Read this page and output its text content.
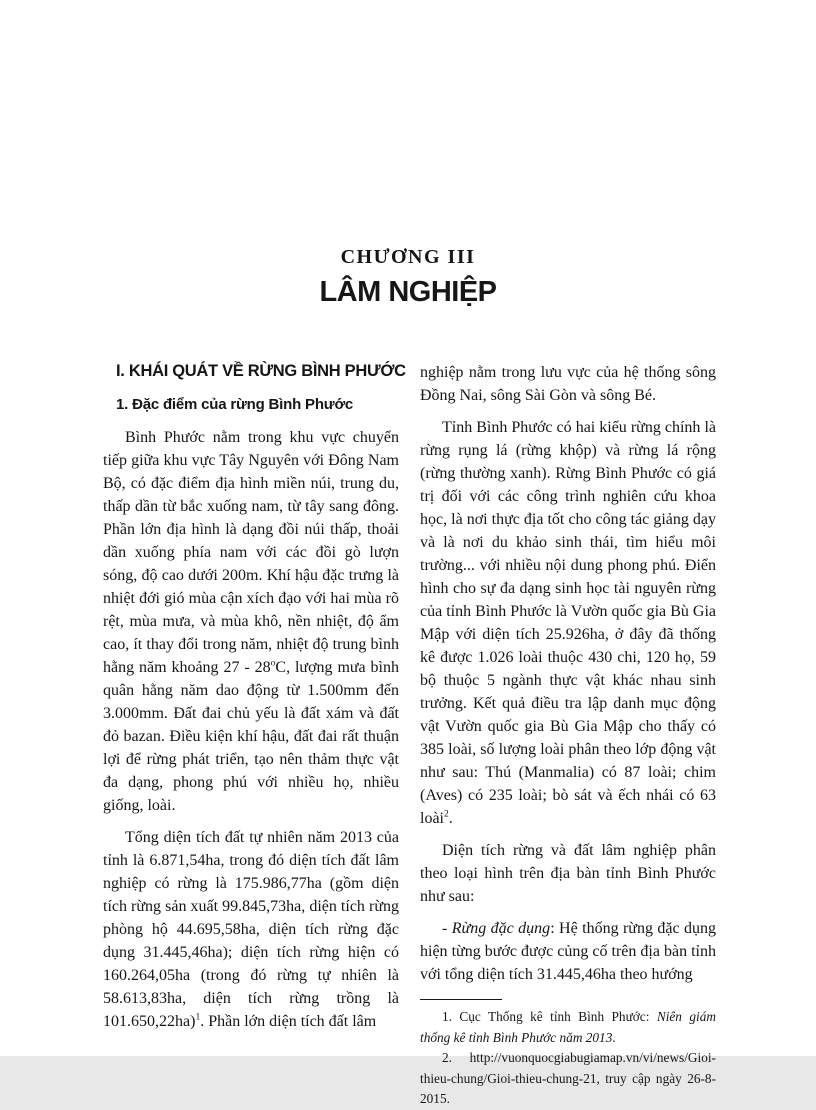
CHƯƠNG III
LÂM NGHIỆP
I. KHÁI QUÁT VỀ RỪNG BÌNH PHƯỚC
1. Đặc điểm của rừng Bình Phước

Bình Phước nằm trong khu vực chuyển tiếp giữa khu vực Tây Nguyên với Đông Nam Bộ, có đặc điểm địa hình miền núi, trung du, thấp dần từ bắc xuống nam, từ tây sang đông. Phần lớn địa hình là dạng đồi núi thấp, thoải dần xuống phía nam với các đồi gò lượn sóng, độ cao dưới 200m. Khí hậu đặc trưng là nhiệt đới gió mùa cận xích đạo với hai mùa rõ rệt, mùa mưa, và mùa khô, nền nhiệt, độ ẩm cao, ít thay đổi trong năm, nhiệt độ trung bình hằng năm khoảng 27 - 28$^o$C, lượng mưa bình quân hằng năm dao động từ 1.500mm đến 3.000mm. Đất đai chủ yếu là đất xám và đất đỏ bazan. Điều kiện khí hậu, đất đai rất thuận lợi để rừng phát triển, tạo nên thảm thực vật đa dạng, phong phú với nhiều họ, nhiều giống, loài.

Tổng diện tích đất tự nhiên năm 2013 của tỉnh là 6.871,54ha, trong đó diện tích đất lâm nghiệp có rừng là 175.986,77ha (gồm diện tích rừng sản xuất 99.845,73ha, diện tích rừng phòng hộ 44.695,58ha, diện tích rừng đặc dụng 31.445,46ha); diện tích rừng hiện có 160.264,05ha (trong đó rừng tự nhiên là 58.613,83ha, diện tích rừng trồng là 101.650,22ha)$^1$. Phần lớn diện tích đất lâm

nghiệp nằm trong lưu vực của hệ thống sông Đồng Nai, sông Sài Gòn và sông Bé.

Tỉnh Bình Phước có hai kiểu rừng chính là rừng rụng lá (rừng khộp) và rừng lá rộng (rừng thường xanh). Rừng Bình Phước có giá trị đối với các công trình nghiên cứu khoa học, là nơi thực địa tốt cho công tác giảng dạy và là nơi du khảo sinh thái, tìm hiểu môi trường... với nhiều nội dung phong phú. Điển hình cho sự đa dạng sinh học tài nguyên rừng của tỉnh Bình Phước là Vườn quốc gia Bù Gia Mập với diện tích 25.926ha, ở đây đã thống kê được 1.026 loài thuộc 430 chi, 120 họ, 59 bộ thuộc 5 ngành thực vật khác nhau sinh trưởng. Kết quả điều tra lập danh mục động vật Vườn quốc gia Bù Gia Mập cho thấy có 385 loài, số lượng loài phân theo lớp động vật như sau: Thú (Manmalia) có 87 loài; chim (Aves) có 235 loài; bò sát và ếch nhái có 63 loài$^2$.

Diện tích rừng và đất lâm nghiệp phân theo loại hình trên địa bàn tỉnh Bình Phước như sau:

- Rừng đặc dụng: Hệ thống rừng đặc dụng hiện từng bước được củng cố trên địa bàn tỉnh với tổng diện tích 31.445,46ha theo hướng

1. Cục Thống kê tỉnh Bình Phước: Niên giám thống kê tỉnh Bình Phước năm 2013.

2. http://vuonquocgiabugiamap.vn/vi/news/Gioi-thieu-chung/Gioi-thieu-chung-21, truy cập ngày 26-8-2015.
